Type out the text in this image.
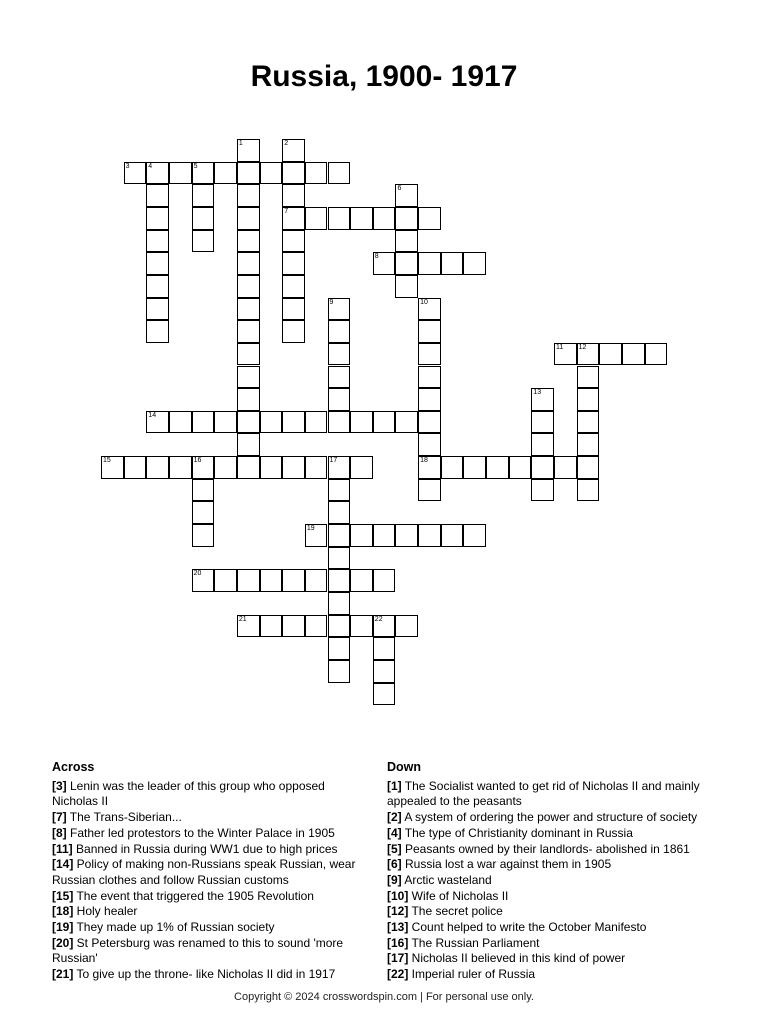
Russia, 1900- 1917
3	4	5
7
8
11 12
14
15	16	17	18
19
20
21	22
1	2
6
9	10
13
Across
[3] Lenin was the leader of this group who opposed Nicholas II
[7] The Trans-Siberian...
[8] Father led protestors to the Winter Palace in 1905
[11] Banned in Russia during WW1 due to high prices
[14] Policy of making non-Russians speak Russian, wear Russian clothes and follow Russian customs
[15] The event that triggered the 1905 Revolution
[18] Holy healer
[19] They made up 1% of Russian society
[20] St Petersburg was renamed to this to sound 'more Russian'
[21] To give up the throne- like Nicholas II did in 1917
Down
[1] The Socialist wanted to get rid of Nicholas II and mainly appealed to the peasants
[2] A system of ordering the power and structure of society
[4] The type of Christianity dominant in Russia
[5] Peasants owned by their landlords- abolished in 1861
[6] Russia lost a war against them in 1905
[9] Arctic wasteland
[10] Wife of Nicholas II
[12] The secret police
[13] Count helped to write the October Manifesto
[16] The Russian Parliament
[17] Nicholas II believed in this kind of power
[22] Imperial ruler of Russia
Copyright © 2024 crosswordspin.com | For personal use only.
